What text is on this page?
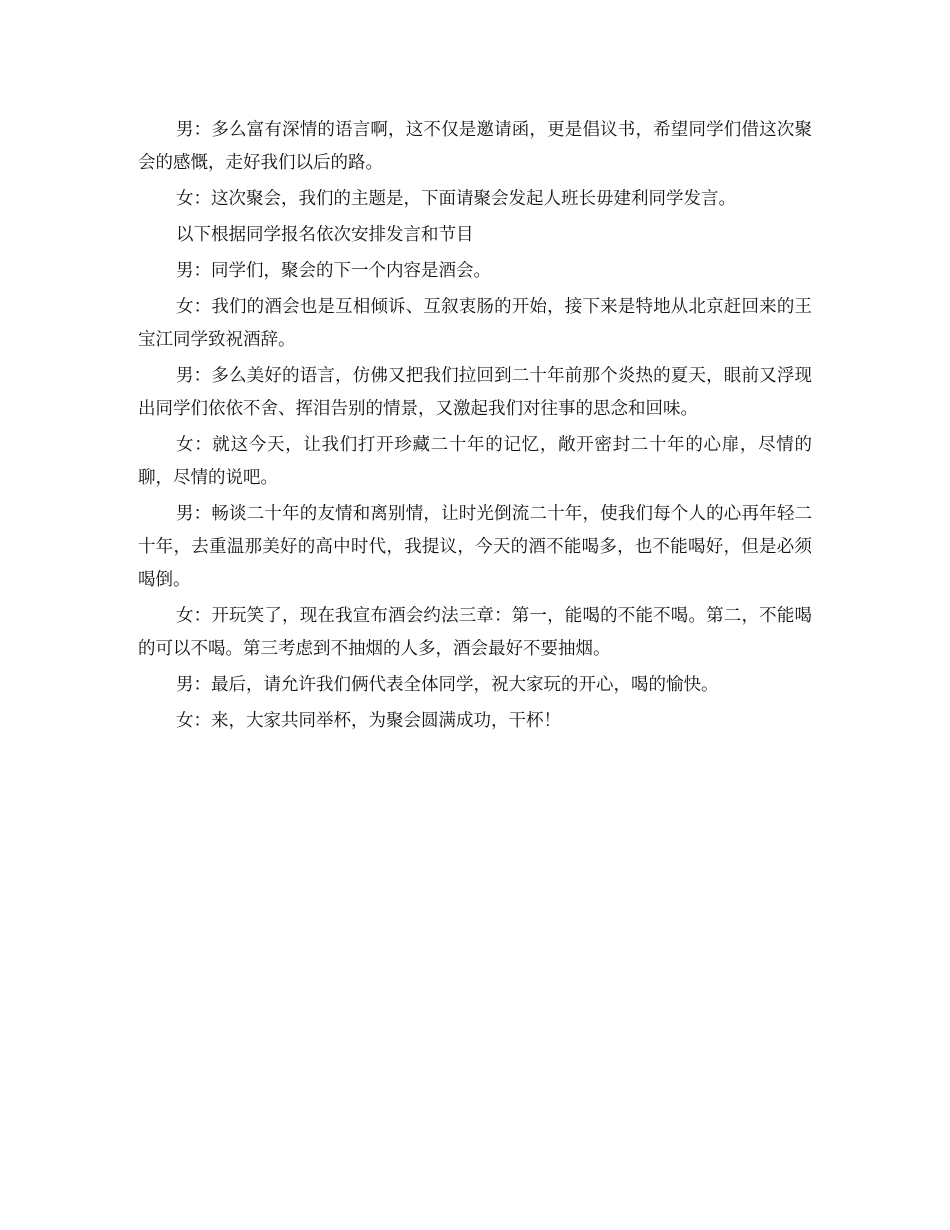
男：多么富有深情的语言啊，这不仅是邀请函，更是倡议书，希望同学们借这次聚会的感慨，走好我们以后的路。

女：这次聚会，我们的主题是，下面请聚会发起人班长毋建利同学发言。

以下根据同学报名依次安排发言和节目

男：同学们，聚会的下一个内容是酒会。

女：我们的酒会也是互相倾诉、互叙衷肠的开始，接下来是特地从北京赶回来的王宝江同学致祝酒辞。

男：多么美好的语言，仿佛又把我们拉回到二十年前那个炎热的夏天，眼前又浮现出同学们依依不舍、挥泪告别的情景，又激起我们对往事的思念和回味。

女：就这今天，让我们打开珍藏二十年的记忆，敞开密封二十年的心扉，尽情的聊，尽情的说吧。

男：畅谈二十年的友情和离别情，让时光倒流二十年，使我们每个人的心再年轻二十年，去重温那美好的高中时代，我提议，今天的酒不能喝多，也不能喝好，但是必须喝倒。

女：开玩笑了，现在我宣布酒会约法三章：第一，能喝的不能不喝。第二，不能喝的可以不喝。第三考虑到不抽烟的人多，酒会最好不要抽烟。

男：最后，请允许我们俩代表全体同学，祝大家玩的开心，喝的愉快。

女：来，大家共同举杯，为聚会圆满成功，干杯！
